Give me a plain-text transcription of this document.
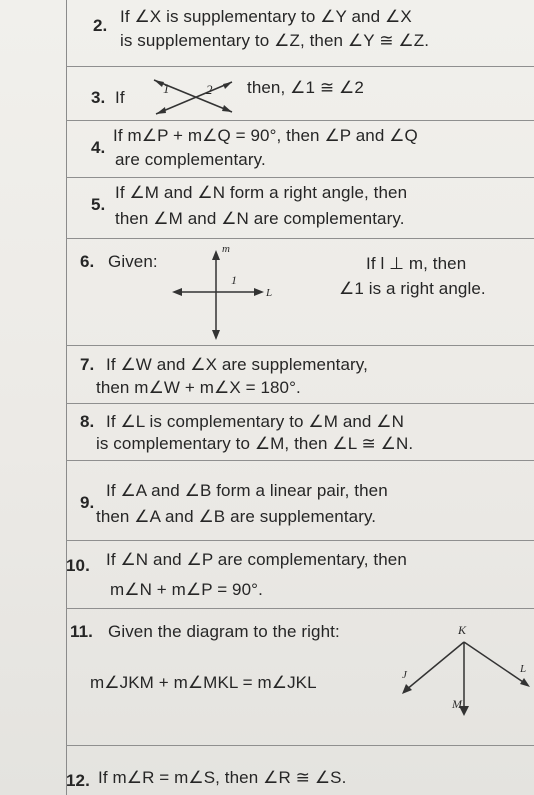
2. If ∠X is supplementary to ∠Y and ∠X
is supplementary to ∠Z, then ∠Y ≅ ∠Z.
3. If	1	2 then, ∠1 ≅ ∠2
4.
If m∠P + m∠Q = 90°, then ∠P and ∠Q
are complementary.
5.
If ∠M and ∠N form a right angle, then
then ∠M and ∠N are complementary.
6. Given:
m
1
L
If l ⊥ m, then
∠1 is a right angle.
7. If ∠W and ∠X are supplementary,
then m∠W + m∠X = 180°.
8. If ∠L is complementary to ∠M and ∠N
is complementary to ∠M, then ∠L ≅ ∠N.
9.
If ∠A and ∠B form a linear pair, then
then ∠A and ∠B are supplementary.
10. If ∠N and ∠P are complementary, then
m∠N + m∠P = 90°.
11. Given the diagram to the right:
m∠JKM + m∠MKL = m∠JKL
K
J
M
L
12. If m∠R = m∠S, then ∠R ≅ ∠S.
